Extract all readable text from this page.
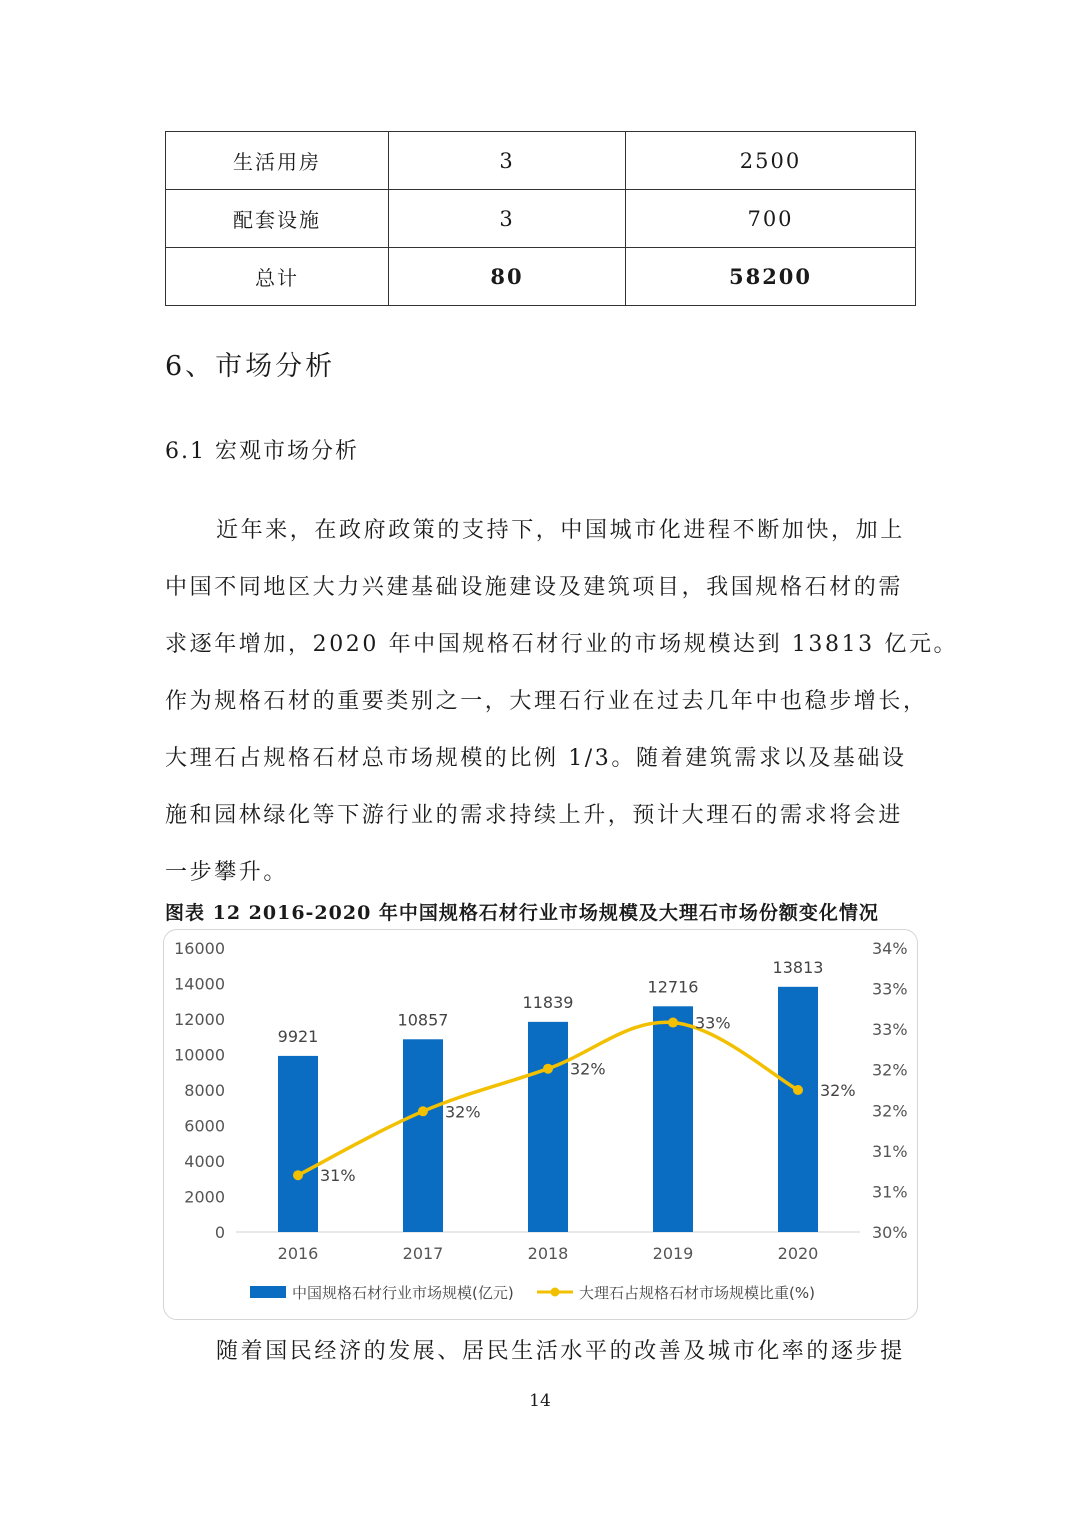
生活用房	3	2500
配套设施	3	700
总计	80	58200
6、市场分析
6.1 宏观市场分析
近年来，在政府政策的支持下，中国城市化进程不断加快，加上
中国不同地区大力兴建基础设施建设及建筑项目，我国规格石材的需
求逐年增加，2020 年中国规格石材行业的市场规模达到 13813 亿元。
作为规格石材的重要类别之一，大理石行业在过去几年中也稳步增长，
大理石占规格石材总市场规模的比例 1/3。随着建筑需求以及基础设
施和园林绿化等下游行业的需求持续上升，预计大理石的需求将会进
一步攀升。
图表 12 2016-2020 年中国规格石材行业市场规模及大理石市场份额变化情况
0
2000
4000
6000
8000
10000
12000
14000
16000
30%
31%
31%
32%
32%
33%
33%
34%
9921
2016
10857
2017
11839
2018
12716
2019
13813
2020
31%
32%
32%
33%
32%
中国规格石材行业市场规模(亿元)	大理石占规格石材市场规模比重(%)
随着国民经济的发展、居民生活水平的改善及城市化率的逐步提
14
